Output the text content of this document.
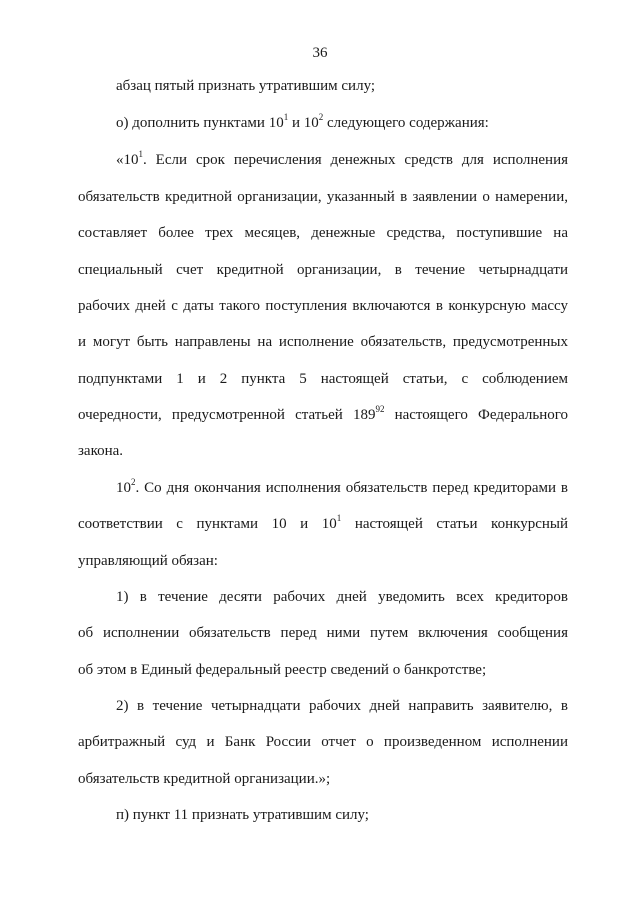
36
абзац пятый признать утратившим силу;
о) дополнить пунктами $10^1$ и $10^2$ следующего содержания:
«$10^1$. Если срок перечисления денежных средств для исполнения
обязательств кредитной организации, указанный в заявлении о намерении,
составляет более трех месяцев, денежные средства, поступившие на
специальный счет кредитной организации, в течение четырнадцати
рабочих дней с даты такого поступления включаются в конкурсную массу
и могут быть направлены на исполнение обязательств, предусмотренных
подпунктами 1 и 2 пункта 5 настоящей статьи, с соблюдением
очередности, предусмотренной статьей $189^{92}$ настоящего Федерального
закона.
$10^2$. Со дня окончания исполнения обязательств перед кредиторами в
соответствии с пунктами 10 и $10^1$ настоящей статьи конкурсный
управляющий обязан:
1) в течение десяти рабочих дней уведомить всех кредиторов
об исполнении обязательств перед ними путем включения сообщения
об этом в Единый федеральный реестр сведений о банкротстве;
2) в течение четырнадцати рабочих дней направить заявителю, в
арбитражный суд и Банк России отчет о произведенном исполнении
обязательств кредитной организации.»;
п) пункт 11 признать утратившим силу;
